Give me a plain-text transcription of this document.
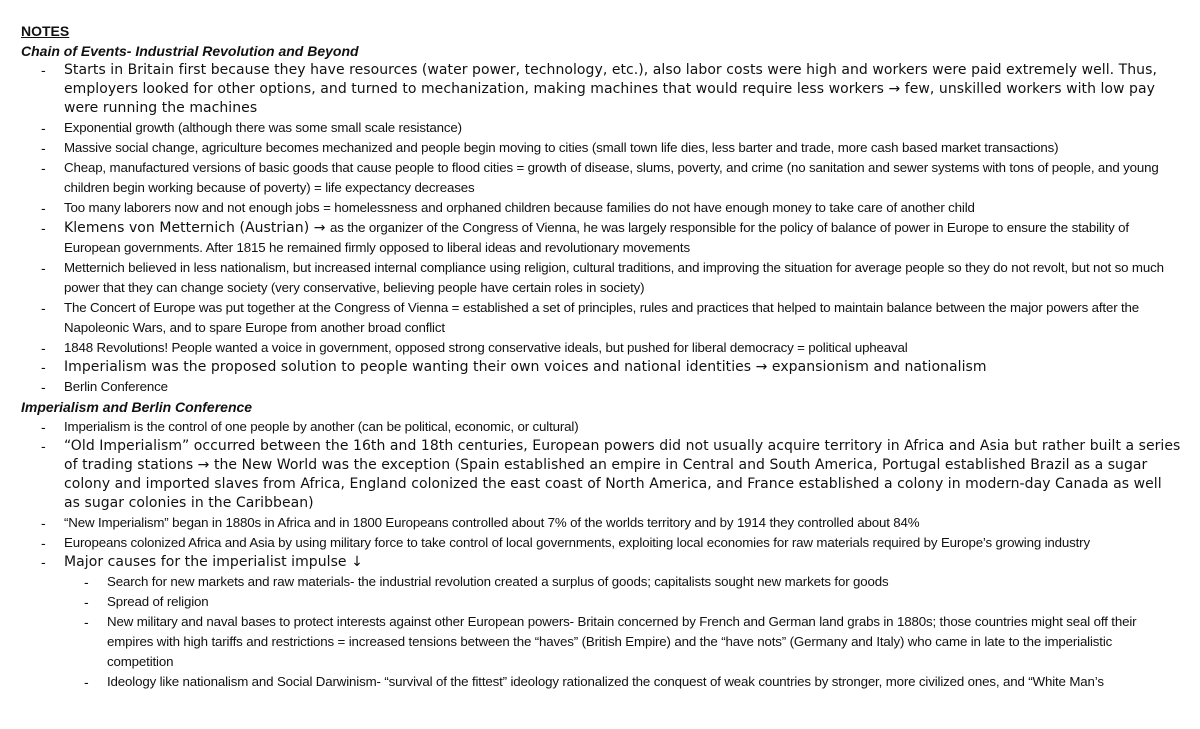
NOTES
Chain of Events- Industrial Revolution and Beyond
- Starts in Britain first because they have resources (water power, technology, etc.), also labor costs were high and workers were paid extremely well. Thus, employers looked for other options, and turned to mechanization, making machines that would require less workers → few, unskilled workers with low pay were running the machines
- Exponential growth (although there was some small scale resistance)
- Massive social change, agriculture becomes mechanized and people begin moving to cities (small town life dies, less barter and trade, more cash based market transactions)
- Cheap, manufactured versions of basic goods that cause people to flood cities = growth of disease, slums, poverty, and crime (no sanitation and sewer systems with tons of people, and young children begin working because of poverty) = life expectancy decreases
- Too many laborers now and not enough jobs = homelessness and orphaned children because families do not have enough money to take care of another child
- Klemens von Metternich (Austrian) → as the organizer of the Congress of Vienna, he was largely responsible for the policy of balance of power in Europe to ensure the stability of European governments. After 1815 he remained firmly opposed to liberal ideas and revolutionary movements
- Metternich believed in less nationalism, but increased internal compliance using religion, cultural traditions, and improving the situation for average people so they do not revolt, but not so much power that they can change society (very conservative, believing people have certain roles in society)
- The Concert of Europe was put together at the Congress of Vienna = established a set of principles, rules and practices that helped to maintain balance between the major powers after the Napoleonic Wars, and to spare Europe from another broad conflict
- 1848 Revolutions! People wanted a voice in government, opposed strong conservative ideals, but pushed for liberal democracy = political upheaval
- Imperialism was the proposed solution to people wanting their own voices and national identities → expansionism and nationalism
- Berlin Conference
Imperialism and Berlin Conference
- Imperialism is the control of one people by another (can be political, economic, or cultural)
- “Old Imperialism” occurred between the 16th and 18th centuries, European powers did not usually acquire territory in Africa and Asia but rather built a series of trading stations → the New World was the exception (Spain established an empire in Central and South America, Portugal established Brazil as a sugar colony and imported slaves from Africa, England colonized the east coast of North America, and France established a colony in modern-day Canada as well as sugar colonies in the Caribbean)
- “New Imperialism” began in 1880s in Africa and in 1800 Europeans controlled about 7% of the worlds territory and by 1914 they controlled about 84%
- Europeans colonized Africa and Asia by using military force to take control of local governments, exploiting local economies for raw materials required by Europe’s growing industry
- Major causes for the imperialist impulse ↓
- Search for new markets and raw materials- the industrial revolution created a surplus of goods; capitalists sought new markets for goods
- Spread of religion
- New military and naval bases to protect interests against other European powers- Britain concerned by French and German land grabs in 1880s; those countries might seal off their empires with high tariffs and restrictions = increased tensions between the “haves” (British Empire) and the “have nots” (Germany and Italy) who came in late to the imperialistic competition
- Ideology like nationalism and Social Darwinism- “survival of the fittest” ideology rationalized the conquest of weak countries by stronger, more civilized ones, and “White Man’s
